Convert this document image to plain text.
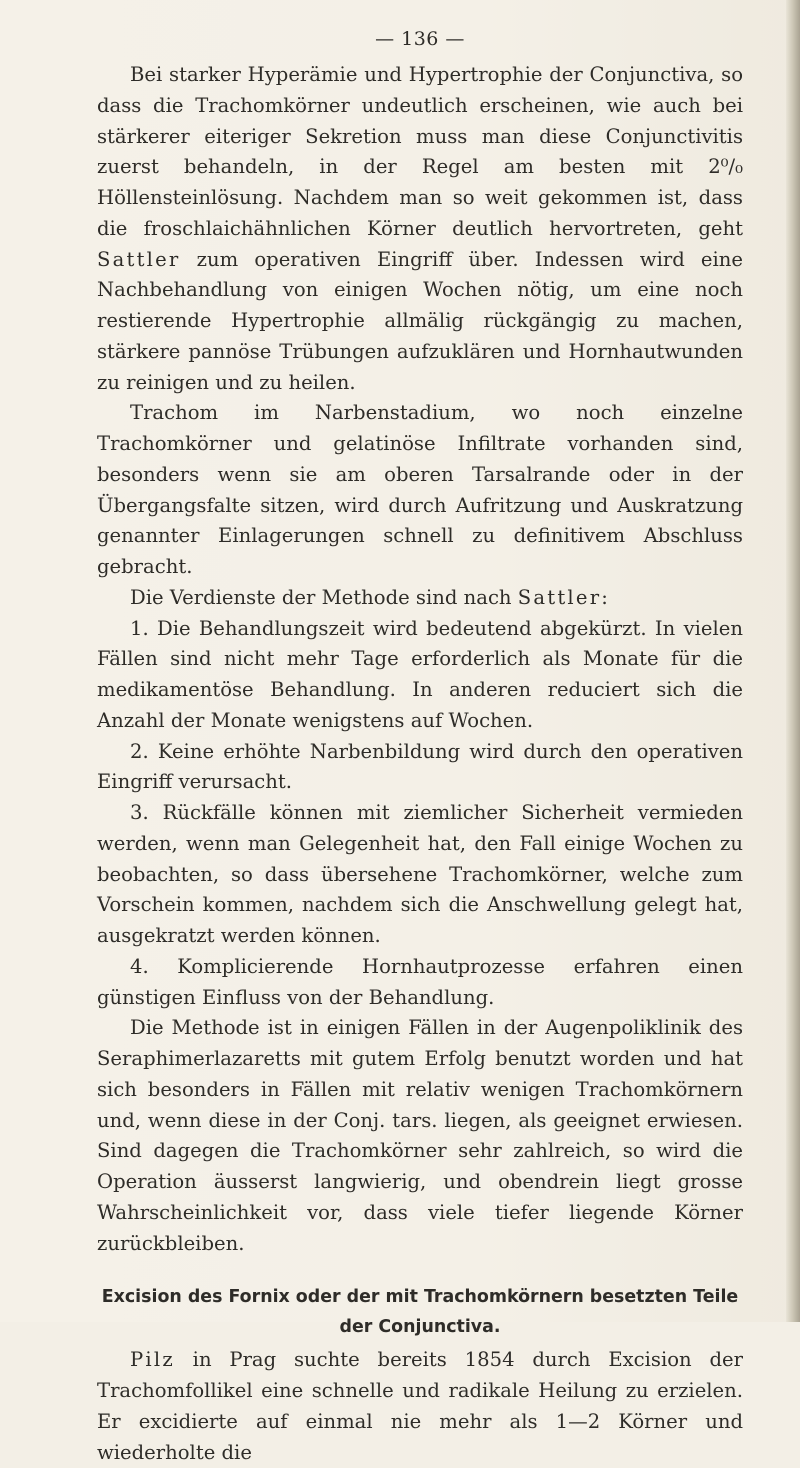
— 136 —

Bei starker Hyperämie und Hypertrophie der Conjunctiva, so dass die Trachomkörner undeutlich erscheinen, wie auch bei stärkerer eiteriger Sekretion muss man diese Conjunctivitis zuerst behandeln, in der Regel am besten mit 2⁰/₀ Höllensteinlösung. Nachdem man so weit gekommen ist, dass die froschlaichähnlichen Körner deutlich hervortreten, geht Sattler zum operativen Eingriff über. Indessen wird eine Nachbehandlung von einigen Wochen nötig, um eine noch restierende Hypertrophie allmälig rückgängig zu machen, stärkere pannöse Trübungen aufzuklären und Hornhautwunden zu reinigen und zu heilen.

Trachom im Narbenstadium, wo noch einzelne Trachomkörner und gelatinöse Infiltrate vorhanden sind, besonders wenn sie am oberen Tarsalrande oder in der Übergangsfalte sitzen, wird durch Aufritzung und Auskratzung genannter Einlagerungen schnell zu definitivem Abschluss gebracht.

Die Verdienste der Methode sind nach Sattler:

1. Die Behandlungszeit wird bedeutend abgekürzt. In vielen Fällen sind nicht mehr Tage erforderlich als Monate für die medikamentöse Behandlung. In anderen reduciert sich die Anzahl der Monate wenigstens auf Wochen.

2. Keine erhöhte Narbenbildung wird durch den operativen Eingriff verursacht.

3. Rückfälle können mit ziemlicher Sicherheit vermieden werden, wenn man Gelegenheit hat, den Fall einige Wochen zu beobachten, so dass übersehene Trachomkörner, welche zum Vorschein kommen, nachdem sich die Anschwellung gelegt hat, ausgekratzt werden können.

4. Komplicierende Hornhautprozesse erfahren einen günstigen Einfluss von der Behandlung.

Die Methode ist in einigen Fällen in der Augenpoliklinik des Seraphimerlazaretts mit gutem Erfolg benutzt worden und hat sich besonders in Fällen mit relativ wenigen Trachomkörnern und, wenn diese in der Conj. tars. liegen, als geeignet erwiesen. Sind dagegen die Trachomkörner sehr zahlreich, so wird die Operation äusserst langwierig, und obendrein liegt grosse Wahrscheinlichkeit vor, dass viele tiefer liegende Körner zurückbleiben.

Excision des Fornix oder der mit Trachomkörnern besetzten Teile der Conjunctiva.

Pilz in Prag suchte bereits 1854 durch Excision der Trachomfollikel eine schnelle und radikale Heilung zu erzielen. Er excidierte auf einmal nie mehr als 1—2 Körner und wiederholte die
